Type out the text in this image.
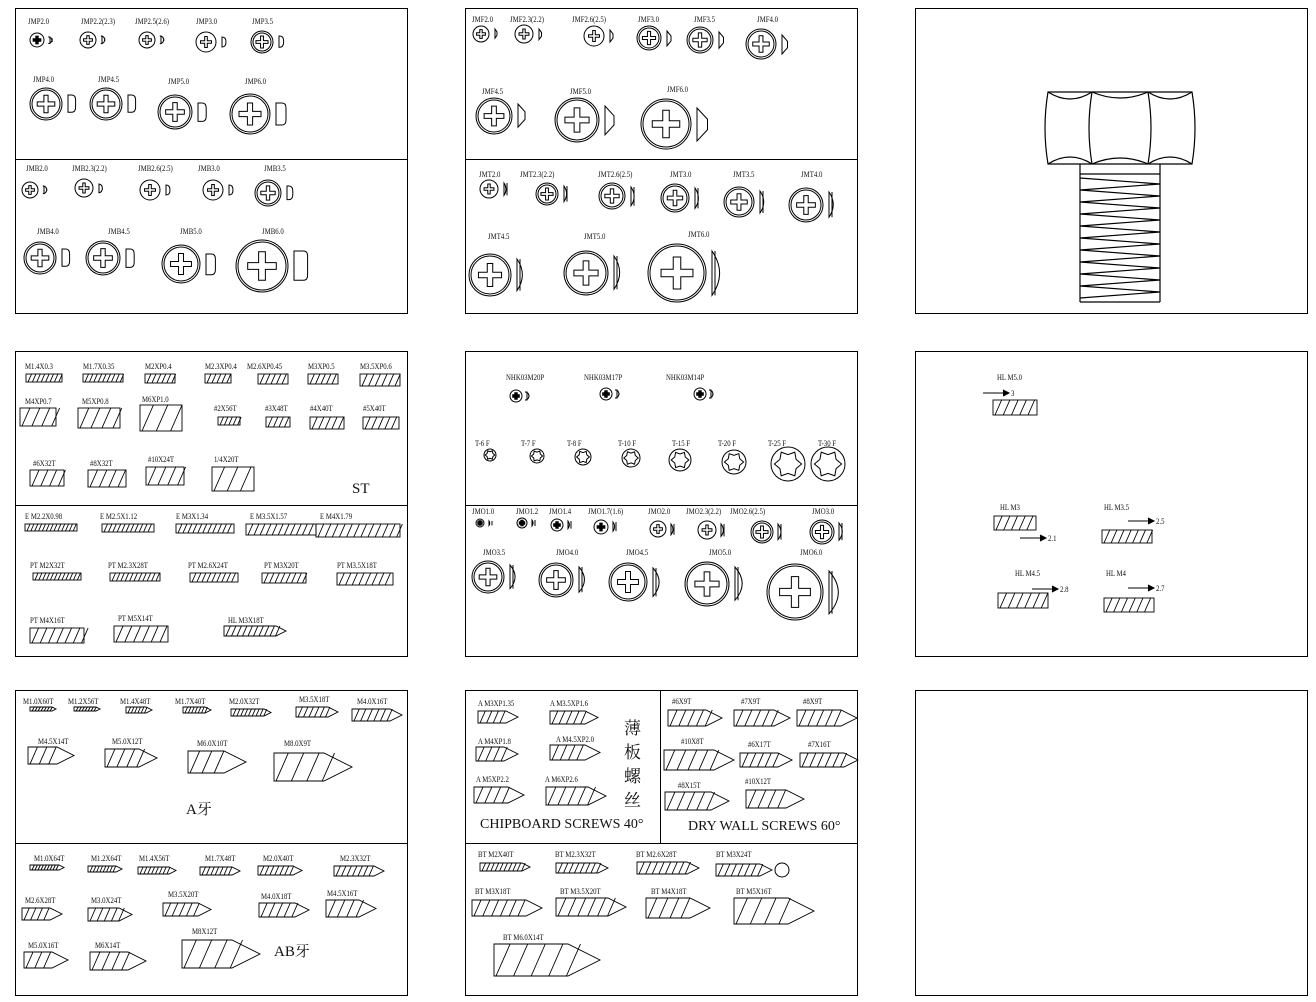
ST
A牙
AB牙
CHIPBOARD SCREWS 40°	DRY WALL SCREWS 60°
薄
板
螺
丝
JMP2.0	JMP2.2(2.3) JMP2.5(2.6)	JMP3.0	JMP3.5
JMP4.0	JMP4.5	JMP5.0	JMP6.0
JMB2.0	JMB2.3(2.2)	JMB2.6(2.5)	JMB3.0	JMB3.5
JMB4.0	JMB4.5	JMB5.0	JMB6.0
JMF2.0 JMF2.3(2.2)	JMF2.6(2.5)	JMF3.0	JMF3.5	JMF4.0
JMF4.5	JMF5.0	JMF6.0
JMT2.0 JMT2.3(2.2)	JMT2.6(2.5)	JMT3.0	JMT3.5	JMT4.0
JMT4.5	JMT5.0	JMT6.0
M1.4X0.3	M1.7X0.35	M2XP0.4	M2.3XP0.4 M2.6XP0.45	M3XP0.5	M3.5XP0.6
M4XP0.7	M5XP0.8	M6XP1.0
#2X56T	#3X48T	#4X40T	#5X40T
#6X32T	#8X32T	#10X24T	1/4X20T
E M2.2X0.98	E M2.5X1.12	E M3X1.34	E M3.5X1.57	E M4X1.79
PT M2X32T	PT M2.3X28T	PT M2.6X24T	PT M3X20T	PT M3.5X18T
PT M4X16T	PT M5X14T	HL M3X18T
NHK03M20P	NHK03M17P	NHK03M14P
T-6 F	T-7 F	T-8 F	T-10 F	T-15 F	T-20 F	T-25 F	T-30 F
JMO1.0	JMO1.2 JMO1.4 JMO1.7(1.6)	JMO2.0 JMO2.3(2.2) JMO2.6(2.5)	JMO3.0
JMO3.5	JMO4.0	JMO4.5	JMO5.0	JMO6.0
HL M5.0
HL M3	HL M3.5
HL M4.5	HL M4
3
2.1
2.5
2.8	2.7
M1.0X60T M1.2X56T	M1.4X48T	M1.7X40T	M2.0X32T	M3.5X18T	M4.0X16T
M4.5X14T	M5.0X12T	M6.0X10T	M8.0X9T
M1.0X64T	M1.2X64T M1.4X56T	M1.7X48T	M2.0X40T	M2.3X32T
M2.6X28T	M3.0X24T
M3.5X20T	M4.0X18T	M4.5X16T
M5.0X16T	M6X14T
M8X12T
A M3XP1.35	A M3.5XP1.6
A M4XP1.8	A M4.5XP2.0
A M5XP2.2	A M6XP2.6
#6X9T	#7X9T	#8X9T
#10X8T	#6X17T	#7X16T
#8X15T	#10X12T
BT M2X40T	BT M2.3X32T	BT M2.6X28T	BT M3X24T
BT M3X18T	BT M3.5X20T	BT M4X18T	BT M5X16T
BT M6.0X14T
